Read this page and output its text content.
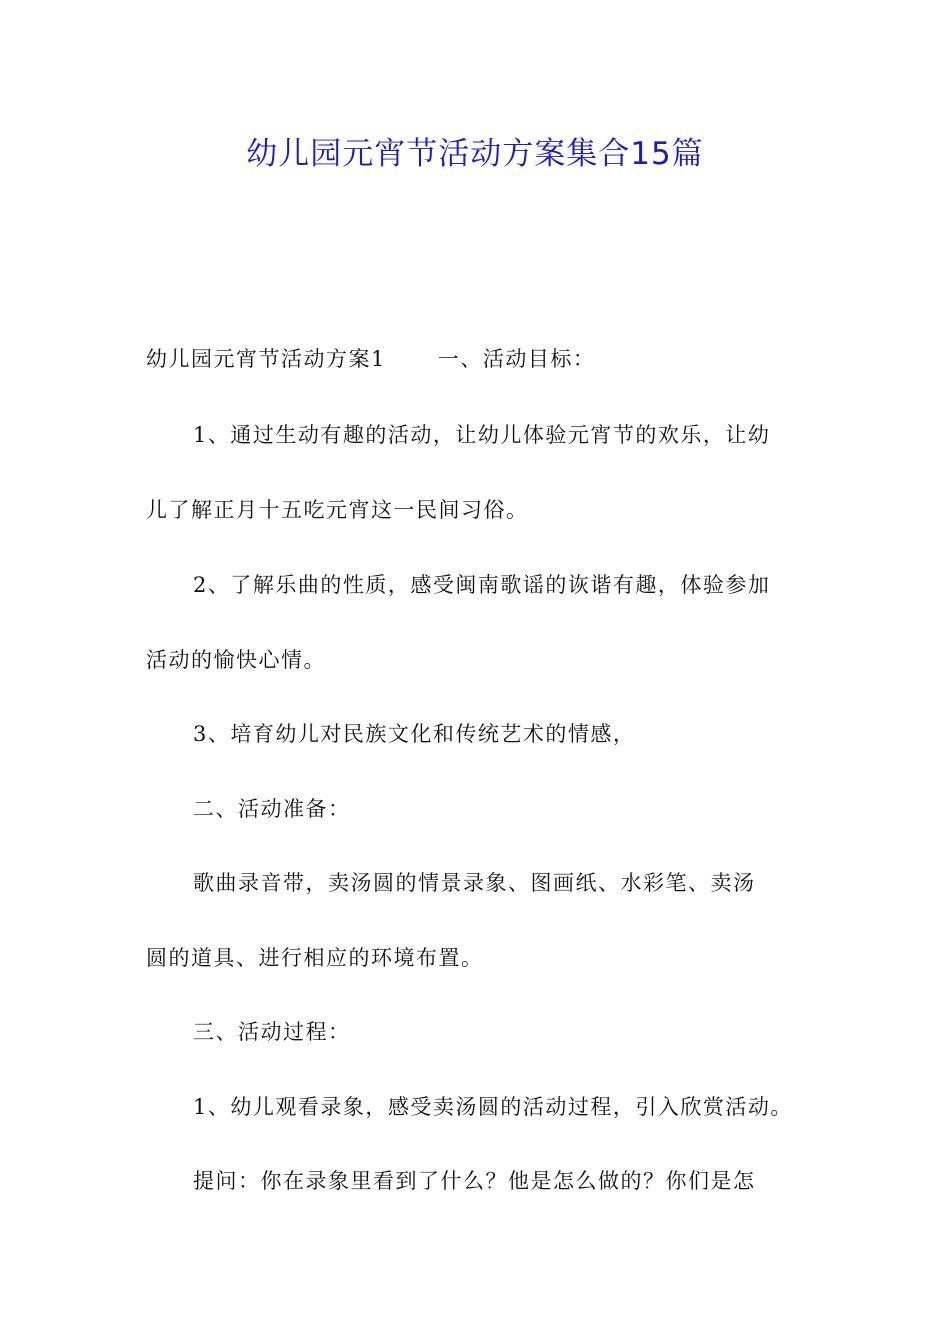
幼儿园元宵节活动方案集合15篇
幼儿园元宵节活动方案1 一、活动目标：
1、通过生动有趣的活动，让幼儿体验元宵节的欢乐，让幼
儿了解正月十五吃元宵这一民间习俗。
2、了解乐曲的性质，感受闽南歌谣的诙谐有趣，体验参加
活动的愉快心情。
3、培育幼儿对民族文化和传统艺术的情感，
二、活动准备：
歌曲录音带，卖汤圆的情景录象、图画纸、水彩笔、卖汤
圆的道具、进行相应的环境布置。
三、活动过程：
1、幼儿观看录象，感受卖汤圆的活动过程，引入欣赏活动。
提问：你在录象里看到了什么？他是怎么做的？你们是怎
